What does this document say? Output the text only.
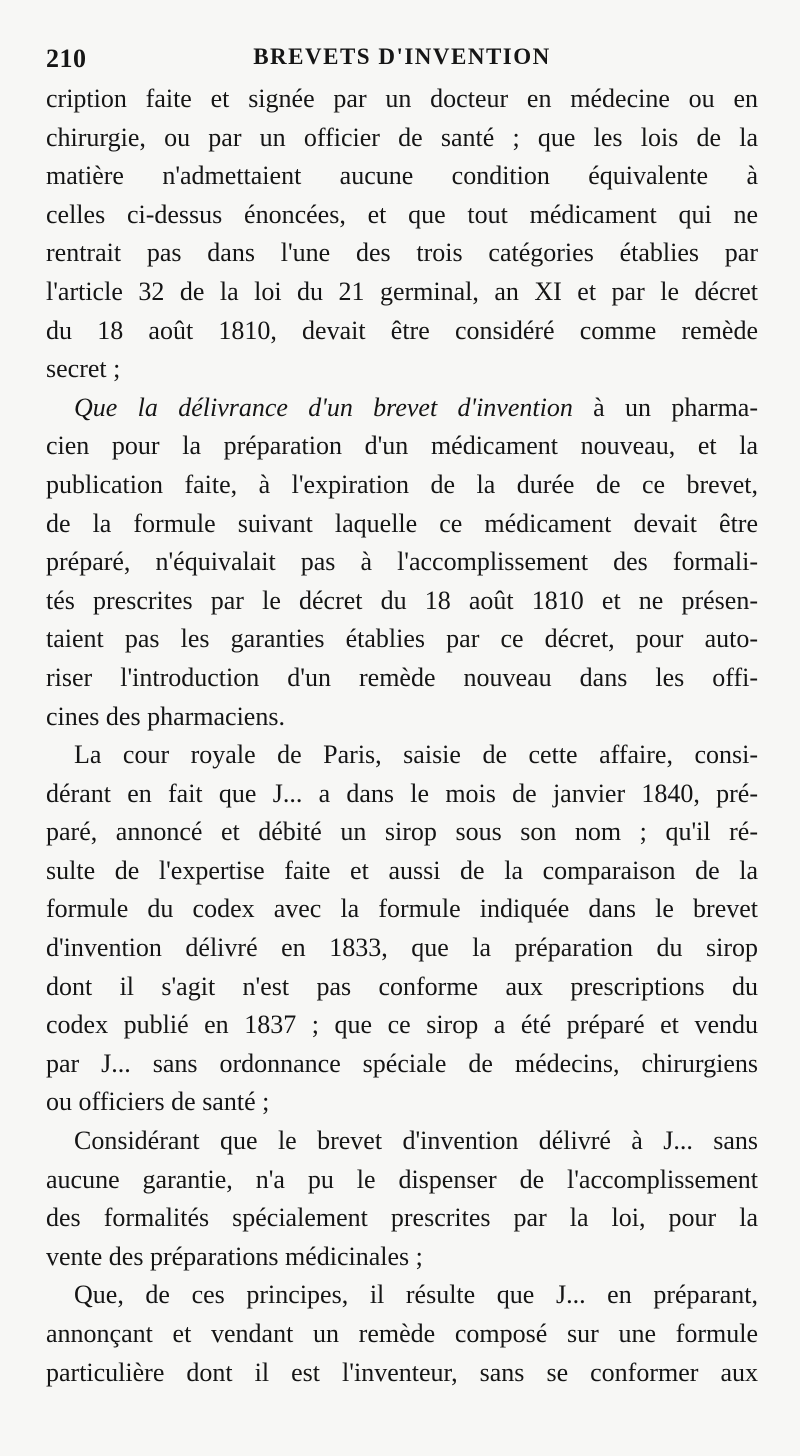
210	BREVETS D'INVENTION
cription faite et signée par un docteur en médecine ou en
chirurgie, ou par un officier de santé ; que les lois de la
matière n'admettaient aucune condition équivalente à
celles ci-dessus énoncées, et que tout médicament qui ne
rentrait pas dans l'une des trois catégories établies par
l'article 32 de la loi du 21 germinal, an XI et par le décret
du 18 août 1810, devait être considéré comme remède
secret ;
Que la délivrance d'un brevet d'invention à un pharma-
cien pour la préparation d'un médicament nouveau, et la
publication faite, à l'expiration de la durée de ce brevet,
de la formule suivant laquelle ce médicament devait être
préparé, n'équivalait pas à l'accomplissement des formali-
tés prescrites par le décret du 18 août 1810 et ne présen-
taient pas les garanties établies par ce décret, pour auto-
riser l'introduction d'un remède nouveau dans les offi-
cines des pharmaciens.
La cour royale de Paris, saisie de cette affaire, consi-
dérant en fait que J... a dans le mois de janvier 1840, pré-
paré, annoncé et débité un sirop sous son nom ; qu'il ré-
sulte de l'expertise faite et aussi de la comparaison de la
formule du codex avec la formule indiquée dans le brevet
d'invention délivré en 1833, que la préparation du sirop
dont il s'agit n'est pas conforme aux prescriptions du
codex publié en 1837 ; que ce sirop a été préparé et vendu
par J... sans ordonnance spéciale de médecins, chirurgiens
ou officiers de santé ;
Considérant que le brevet d'invention délivré à J... sans
aucune garantie, n'a pu le dispenser de l'accomplissement
des formalités spécialement prescrites par la loi, pour la
vente des préparations médicinales ;
Que, de ces principes, il résulte que J... en préparant,
annonçant et vendant un remède composé sur une formule
particulière dont il est l'inventeur, sans se conformer aux
